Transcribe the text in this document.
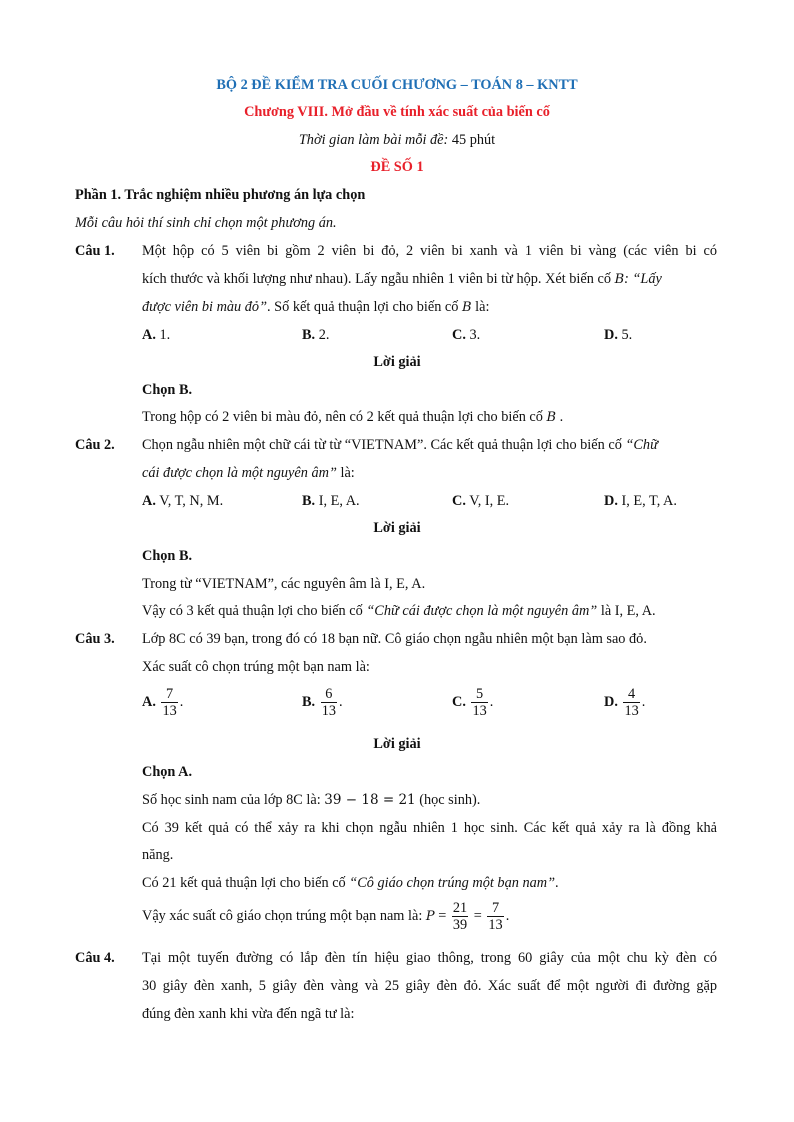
BỘ 2 ĐỀ KIỂM TRA CUỐI CHƯƠNG – TOÁN 8 – KNTT
Chương VIII. Mở đầu về tính xác suất của biến cố
Thời gian làm bài mỗi đề: 45 phút
ĐỀ SỐ 1
Phần 1. Trắc nghiệm nhiều phương án lựa chọn
Mỗi câu hỏi thí sinh chỉ chọn một phương án.
Câu 1. Một hộp có 5 viên bi gồm 2 viên bi đỏ, 2 viên bi xanh và 1 viên bi vàng (các viên bi có
kích thước và khối lượng như nhau). Lấy ngẫu nhiên 1 viên bi từ hộp. Xét biến cố B: “Lấy
được viên bi màu đỏ”. Số kết quả thuận lợi cho biến cố B là:
A. 1.	B. 2.	C. 3.	D. 5.
Lời giải
Chọn B.
Trong hộp có 2 viên bi màu đỏ, nên có 2 kết quả thuận lợi cho biến cố B .
Câu 2. Chọn ngẫu nhiên một chữ cái từ từ “VIETNAM”. Các kết quả thuận lợi cho biến cố “Chữ
cái được chọn là một nguyên âm” là:
A. V, T, N, M.	B. I, E, A.	C. V, I, E.	D. I, E, T, A.
Lời giải
Chọn B.
Trong từ “VIETNAM”, các nguyên âm là I, E, A.
Vậy có 3 kết quả thuận lợi cho biến cố “Chữ cái được chọn là một nguyên âm” là I, E, A.
Câu 3. Lớp 8C có 39 bạn, trong đó có 18 bạn nữ. Cô giáo chọn ngẫu nhiên một bạn làm sao đỏ.
Xác suất cô chọn trúng một bạn nam là:
A. $\frac{7}{13}$ .	B. $\frac{6}{13}$ .	C. $\frac{5}{13}$ .	D. $\frac{4}{13}$ .
Lời giải
Chọn A.
Số học sinh nam của lớp 8C là: 39 − 18 = 21 (học sinh).
Có 39 kết quả có thể xảy ra khi chọn ngẫu nhiên 1 học sinh. Các kết quả xảy ra là đồng khả
năng.
Có 21 kết quả thuận lợi cho biến cố “Cô giáo chọn trúng một bạn nam”.
Vậy xác suất cô giáo chọn trúng một bạn nam là: $P = \frac{21}{39} = \frac{7}{13}$ .
Câu 4. Tại một tuyến đường có lắp đèn tín hiệu giao thông, trong 60 giây của một chu kỳ đèn có
30 giây đèn xanh, 5 giây đèn vàng và 25 giây đèn đỏ. Xác suất để một người đi đường gặp
đúng đèn xanh khi vừa đến ngã tư là:
